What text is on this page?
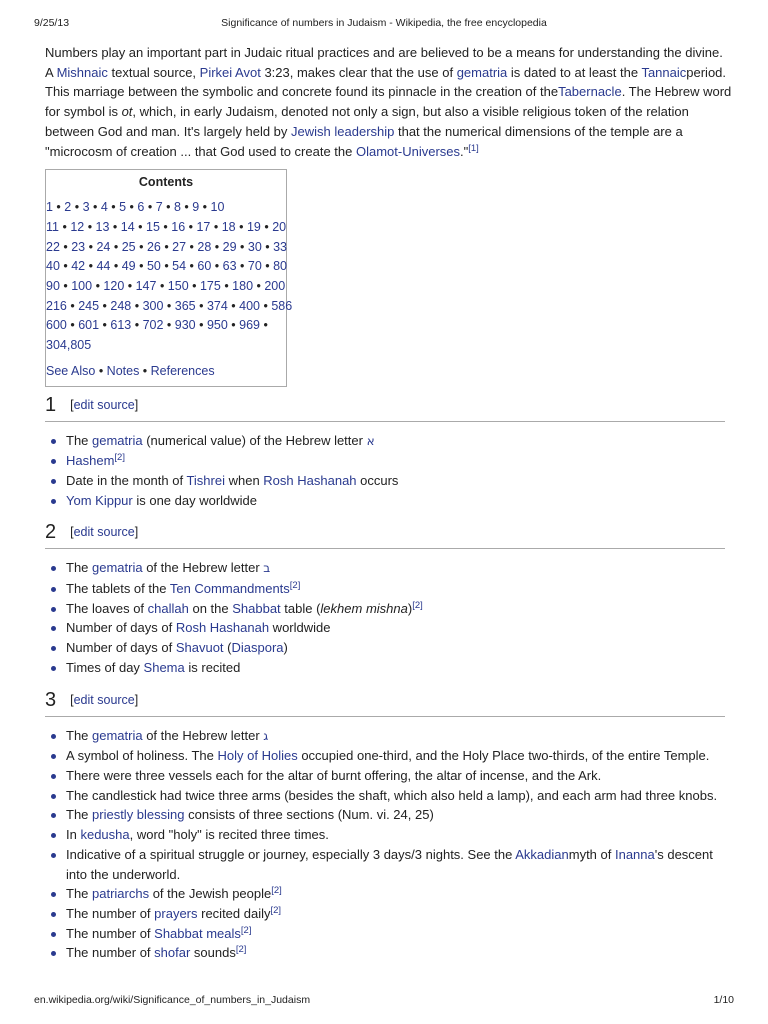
9/25/13	Significance of numbers in Judaism - Wikipedia, the free encyclopedia

Numbers play an important part in Judaic ritual practices and are believed to be a means for understanding the divine. A Mishnaic textual source, Pirkei Avot 3:23, makes clear that the use of gematria is dated to at least the Tannaicperiod. This marriage between the symbolic and concrete found its pinnacle in the creation of theTabernacle. The Hebrew word for symbol is ot, which, in early Judaism, denoted not only a sign, but also a visible religious token of the relation between God and man. It's largely held by Jewish leadership that the numerical dimensions of the temple are a "microcosm of creation ... that God used to create the Olamot-Universes."[1]

Contents
1 • 2 • 3 • 4 • 5 • 6 • 7 • 8 • 9 • 10
11 • 12 • 13 • 14 • 15 • 16 • 17 • 18 • 19 • 20
22 • 23 • 24 • 25 • 26 • 27 • 28 • 29 • 30 • 33
40 • 42 • 44 • 49 • 50 • 54 • 60 • 63 • 70 • 80
90 • 100 • 120 • 147 • 150 • 175 • 180 • 200
216 • 245 • 248 • 300 • 365 • 374 • 400 • 586
600 • 601 • 613 • 702 • 930 • 950 • 969 •
304,805
See Also • Notes • References
1 [edit source]
The gematria (numerical value) of the Hebrew letter א
Hashem[2]
Date in the month of Tishrei when Rosh Hashanah occurs
Yom Kippur is one day worldwide
2 [edit source]
The gematria of the Hebrew letter ב
The tablets of the Ten Commandments[2]
The loaves of challah on the Shabbat table (lekhem mishna)[2]
Number of days of Rosh Hashanah worldwide
Number of days of Shavuot (Diaspora)
Times of day Shema is recited
3 [edit source]
The gematria of the Hebrew letter ג
A symbol of holiness. The Holy of Holies occupied one-third, and the Holy Place two-thirds, of the entire Temple.
There were three vessels each for the altar of burnt offering, the altar of incense, and the Ark.
The candlestick had twice three arms (besides the shaft, which also held a lamp), and each arm had three knobs.
The priestly blessing consists of three sections (Num. vi. 24, 25)
In kedusha, word "holy" is recited three times.
Indicative of a spiritual struggle or journey, especially 3 days/3 nights. See the Akkadianmyth of Inanna's descent into the underworld.
The patriarchs of the Jewish people[2]
The number of prayers recited daily[2]
The number of Shabbat meals[2]
The number of shofar sounds[2]
en.wikipedia.org/wiki/Significance_of_numbers_in_Judaism	1/10
